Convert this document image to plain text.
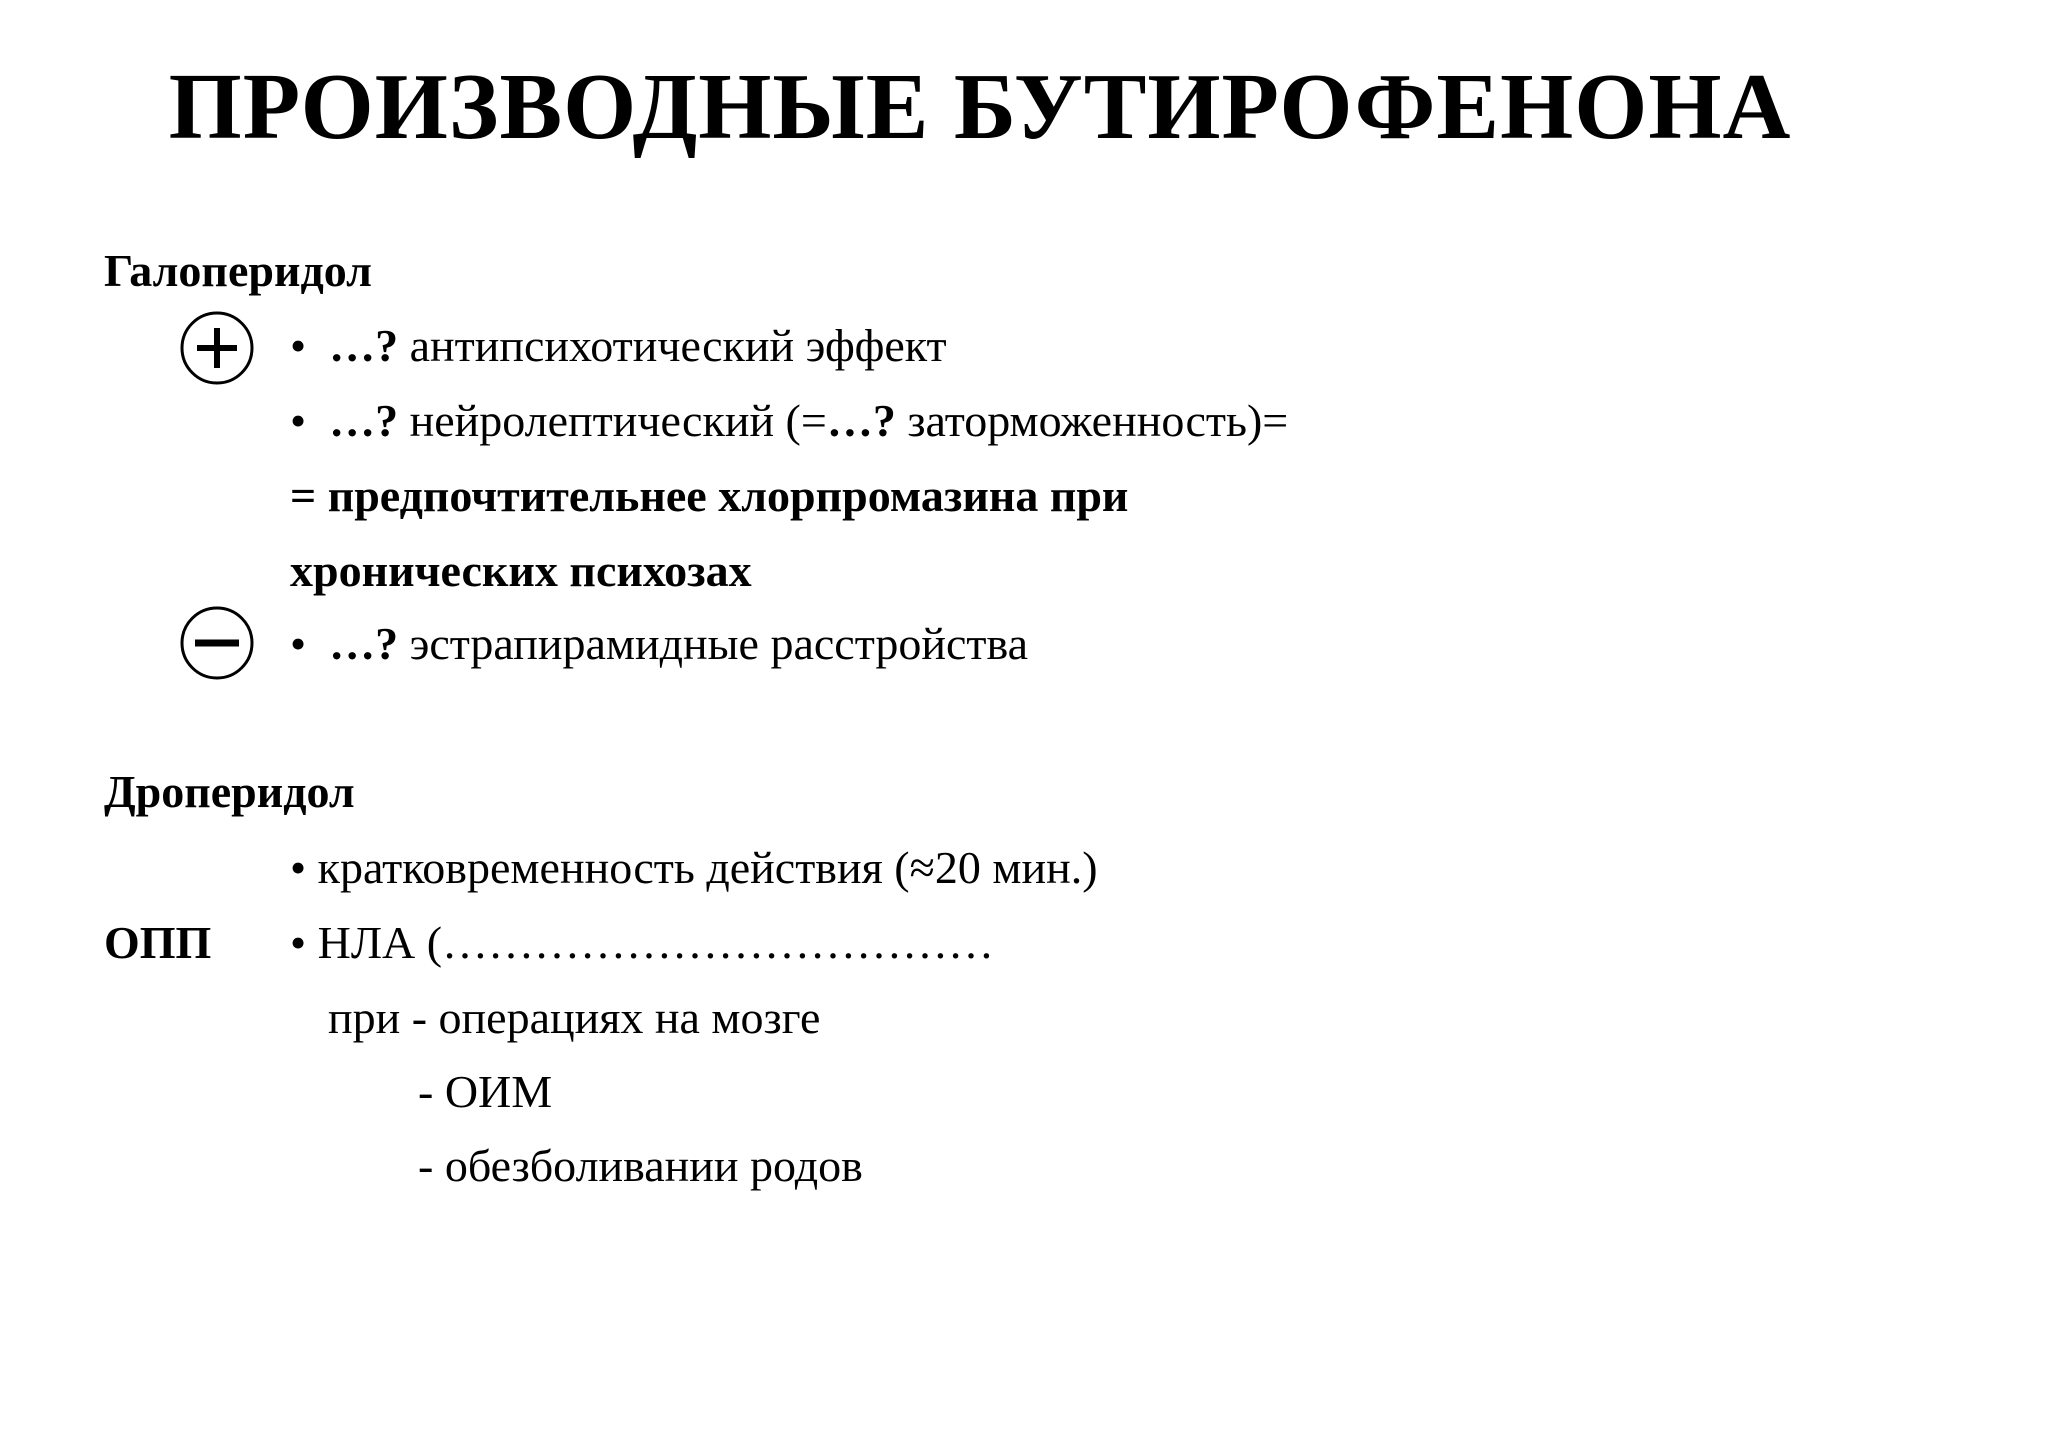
ПРОИЗВОДНЫЕ БУТИРОФЕНОНА
Галоперидол
• …? антипсихотический эффект
• …? нейролептический (=…? заторможенность)=
= предпочтительнее хлорпромазина при
хронических психозах
• …? эстрапирамидные расстройства
Дроперидол
• кратковременность действия (≈20 мин.)
ОПП • НЛА (………………………………
при - операциях на мозге
- ОИМ
- обезболивании родов
